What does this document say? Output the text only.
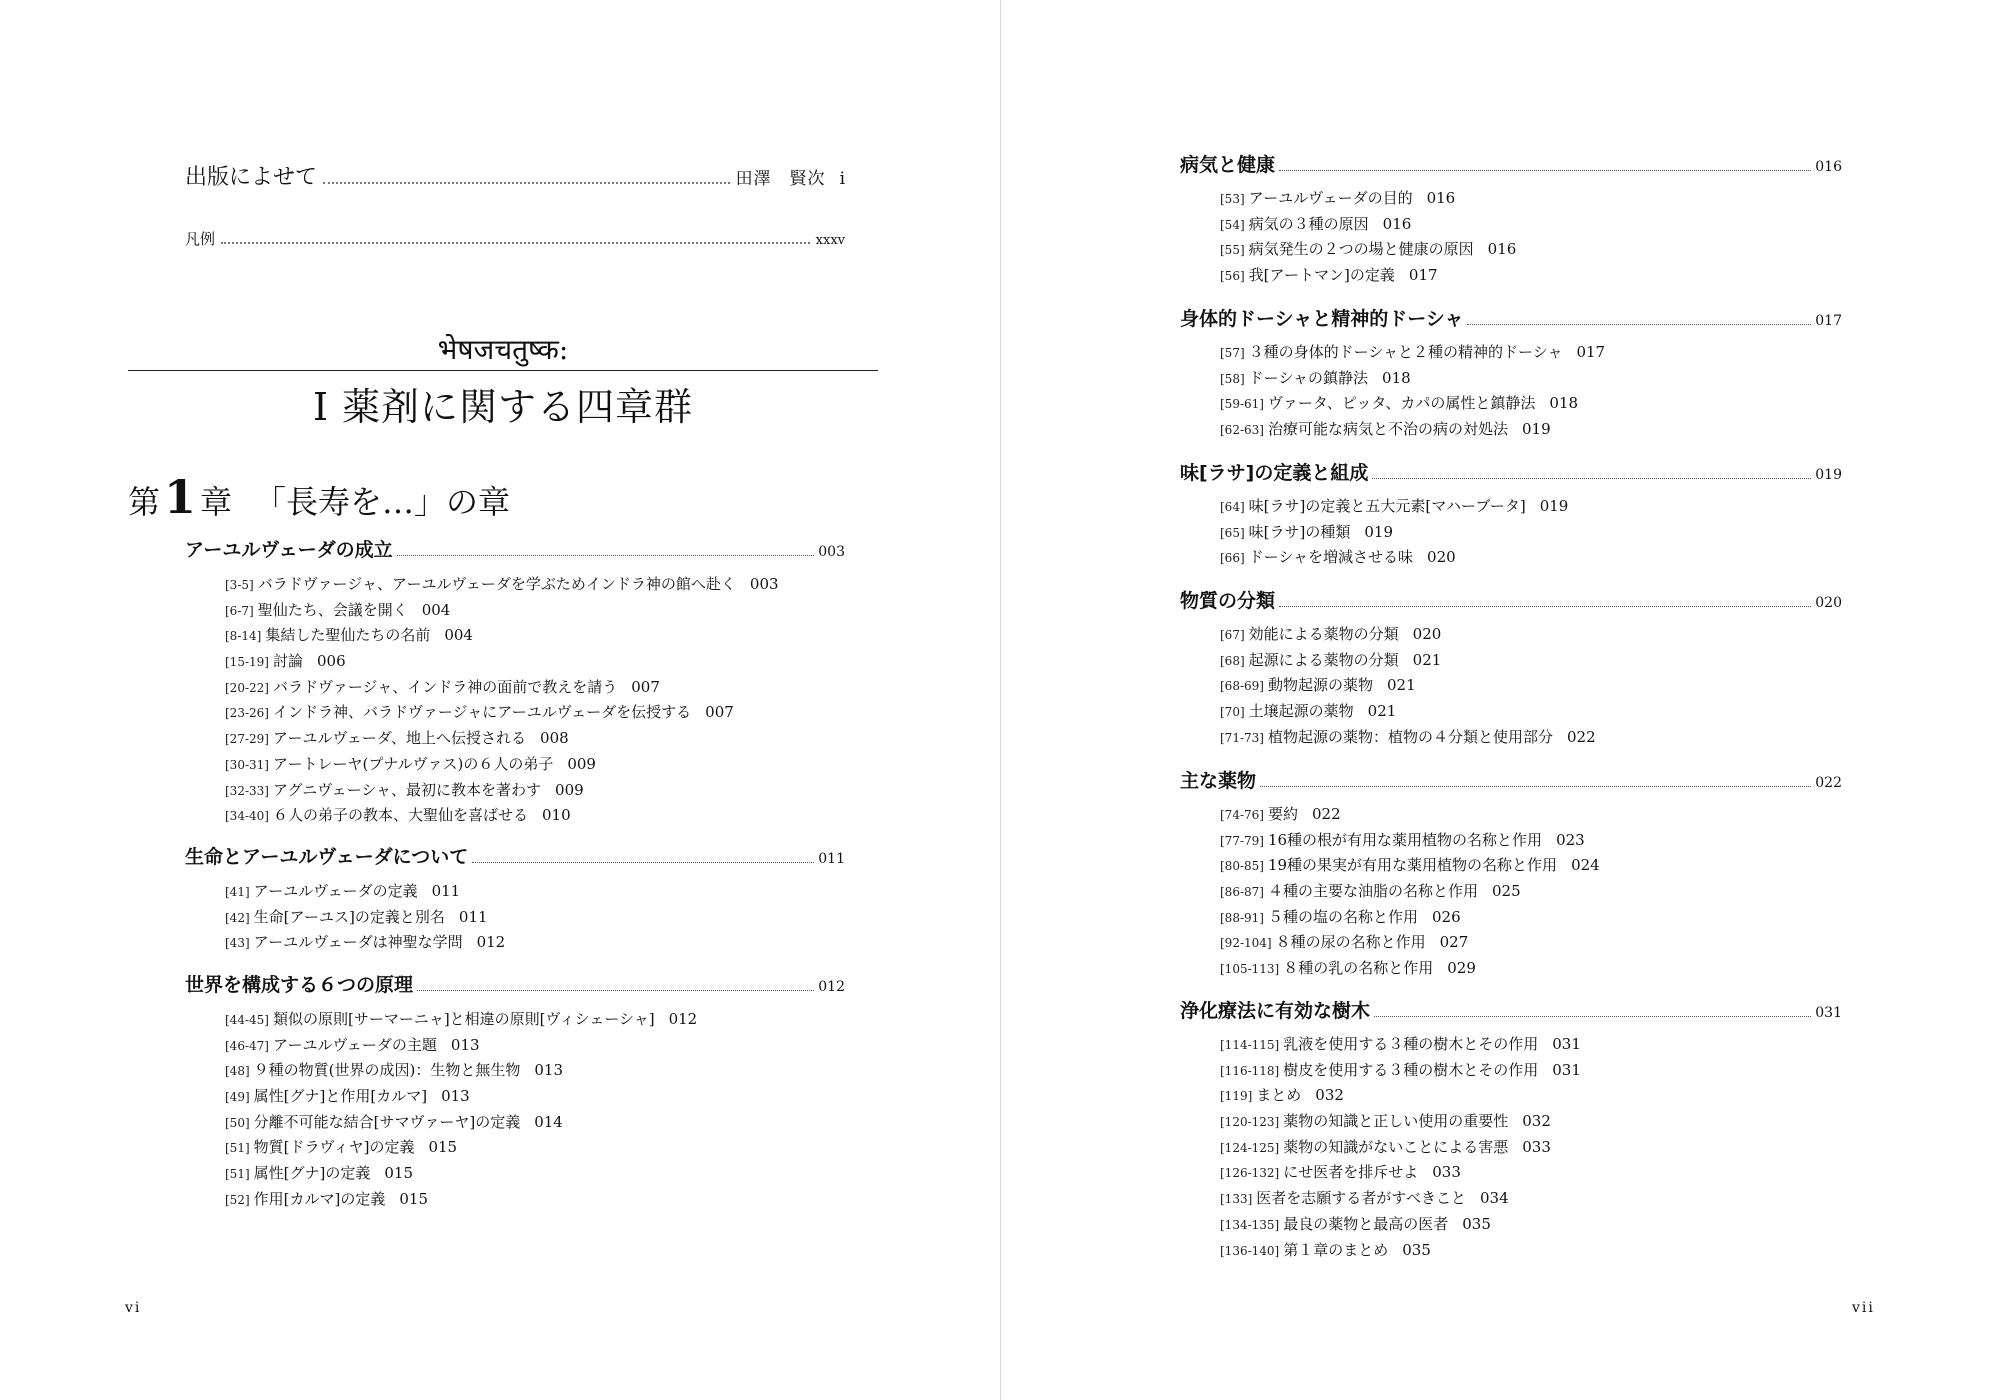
出版によせて	田澤　賢次 i
凡例	xxxv
भेषजचतुष्क:
Ⅰ 薬剤に関する四章群
第 1 章 「長寿を…」の章
アーユルヴェーダの成立	003
[3-5] バラドヴァージャ、アーユルヴェーダを学ぶためインドラ神の館へ赴く 003
[6-7] 聖仙たち、会議を開く 004
[8-14] 集結した聖仙たちの名前 004
[15-19] 討論 006
[20-22] バラドヴァージャ、インドラ神の面前で教えを請う 007
[23-26] インドラ神、バラドヴァージャにアーユルヴェーダを伝授する 007
[27-29] アーユルヴェーダ、地上へ伝授される 008
[30-31] アートレーヤ(プナルヴァス)の６人の弟子 009
[32-33] アグニヴェーシャ、最初に教本を著わす 009
[34-40] ６人の弟子の教本、大聖仙を喜ばせる 010
生命とアーユルヴェーダについて	011
[41] アーユルヴェーダの定義 011
[42] 生命[アーユス]の定義と別名 011
[43] アーユルヴェーダは神聖な学問 012
世界を構成する６つの原理	012
[44-45] 類似の原則[サーマーニャ]と相違の原則[ヴィシェーシャ] 012
[46-47] アーユルヴェーダの主題 013
[48] ９種の物質(世界の成因)：生物と無生物 013
[49] 属性[グナ]と作用[カルマ] 013
[50] 分離不可能な結合[サマヴァーヤ]の定義 014
[51] 物質[ドラヴィヤ]の定義 015
[51] 属性[グナ]の定義 015
[52] 作用[カルマ]の定義 015
vi
病気と健康	016
[53] アーユルヴェーダの目的 016
[54] 病気の３種の原因 016
[55] 病気発生の２つの場と健康の原因 016
[56] 我[アートマン]の定義 017
身体的ドーシャと精神的ドーシャ	017
[57] ３種の身体的ドーシャと２種の精神的ドーシャ 017
[58] ドーシャの鎮静法 018
[59-61] ヴァータ、ピッタ、カパの属性と鎮静法 018
[62-63] 治療可能な病気と不治の病の対処法 019
味[ラサ]の定義と組成	019
[64] 味[ラサ]の定義と五大元素[マハーブータ] 019
[65] 味[ラサ]の種類 019
[66] ドーシャを増減させる味 020
物質の分類	020
[67] 効能による薬物の分類 020
[68] 起源による薬物の分類 021
[68-69] 動物起源の薬物 021
[70] 土壌起源の薬物 021
[71-73] 植物起源の薬物：植物の４分類と使用部分 022
主な薬物	022
[74-76] 要約 022
[77-79] 16種の根が有用な薬用植物の名称と作用 023
[80-85] 19種の果実が有用な薬用植物の名称と作用 024
[86-87] ４種の主要な油脂の名称と作用 025
[88-91] ５種の塩の名称と作用 026
[92-104] ８種の尿の名称と作用 027
[105-113] ８種の乳の名称と作用 029
浄化療法に有効な樹木	031
[114-115] 乳液を使用する３種の樹木とその作用 031
[116-118] 樹皮を使用する３種の樹木とその作用 031
[119] まとめ 032
[120-123] 薬物の知識と正しい使用の重要性 032
[124-125] 薬物の知識がないことによる害悪 033
[126-132] にせ医者を排斥せよ 033
[133] 医者を志願する者がすべきこと 034
[134-135] 最良の薬物と最高の医者 035
[136-140] 第１章のまとめ 035
vii
